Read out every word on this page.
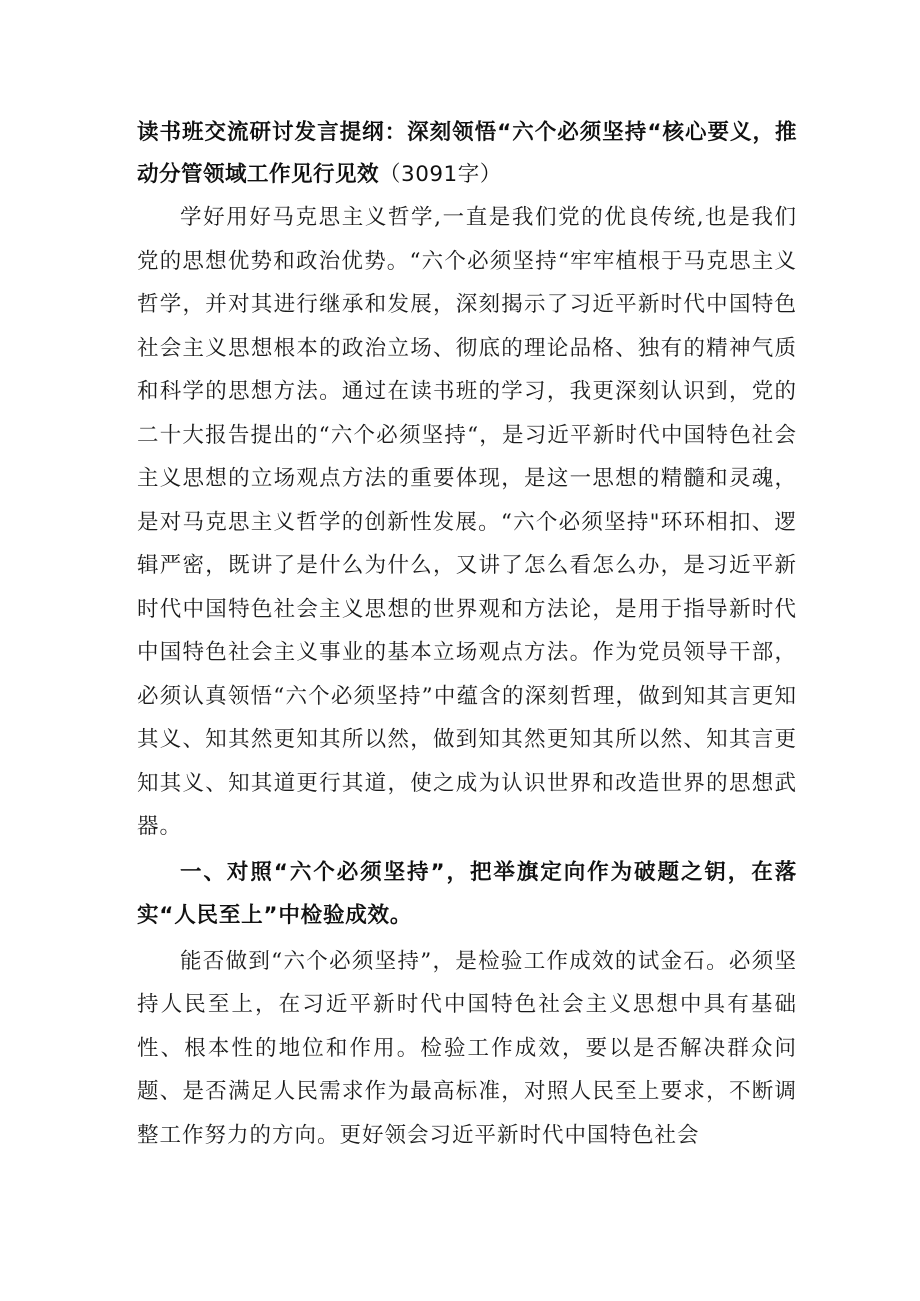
读书班交流研讨发言提纲：深刻领悟“六个必须坚持“核心要义，推动分管领域工作见行见效（3091字）

学好用好马克思主义哲学,一直是我们党的优良传统,也是我们党的思想优势和政治优势。“六个必须坚持“牢牢植根于马克思主义哲学，并对其进行继承和发展，深刻揭示了习近平新时代中国特色社会主义思想根本的政治立场、彻底的理论品格、独有的精神气质和科学的思想方法。通过在读书班的学习，我更深刻认识到，党的二十大报告提出的“六个必须坚持“，是习近平新时代中国特色社会主义思想的立场观点方法的重要体现，是这一思想的精髓和灵魂，是对马克思主义哲学的创新性发展。“六个必须坚持"环环相扣、逻辑严密，既讲了是什么为什么，又讲了怎么看怎么办，是习近平新时代中国特色社会主义思想的世界观和方法论，是用于指导新时代中国特色社会主义事业的基本立场观点方法。作为党员领导干部，必须认真领悟“六个必须坚持”中蕴含的深刻哲理，做到知其言更知其义、知其然更知其所以然，做到知其然更知其所以然、知其言更知其义、知其道更行其道，使之成为认识世界和改造世界的思想武器。

一、对照“六个必须坚持”，把举旗定向作为破题之钥，在落实“人民至上”中检验成效。

能否做到“六个必须坚持”，是检验工作成效的试金石。必须坚持人民至上，在习近平新时代中国特色社会主义思想中具有基础性、根本性的地位和作用。检验工作成效，要以是否解决群众问题、是否满足人民需求作为最高标准，对照人民至上要求，不断调整工作努力的方向。更好领会习近平新时代中国特色社会
